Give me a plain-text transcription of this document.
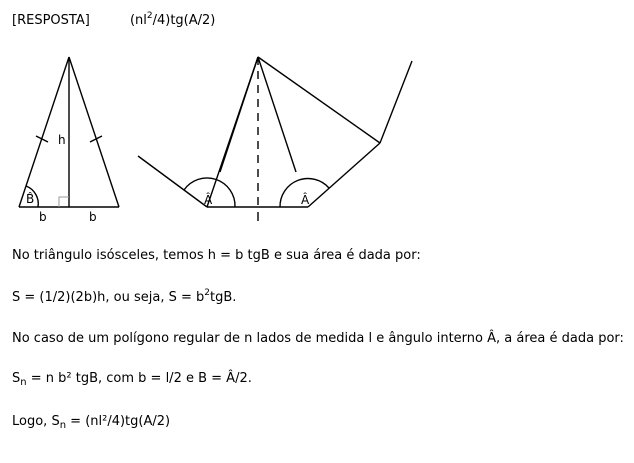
[RESPOSTA]	$(nl^2/4)tg(A/2)$
h
B̂
b	b
Â	Â
No triângulo isósceles, temos h = b tgB e sua área é dada por:
S = (1/2)(2b)h, ou seja, $S = b^2tgB$.
No caso de um polígono regular de n lados de medida l e ângulo interno Â, a área é dada por:
$S_n = n$ b² tgB, com b = l/2 e B = Â/2.
Logo, $S_n = (nl^2/4)tg(A/2)$
